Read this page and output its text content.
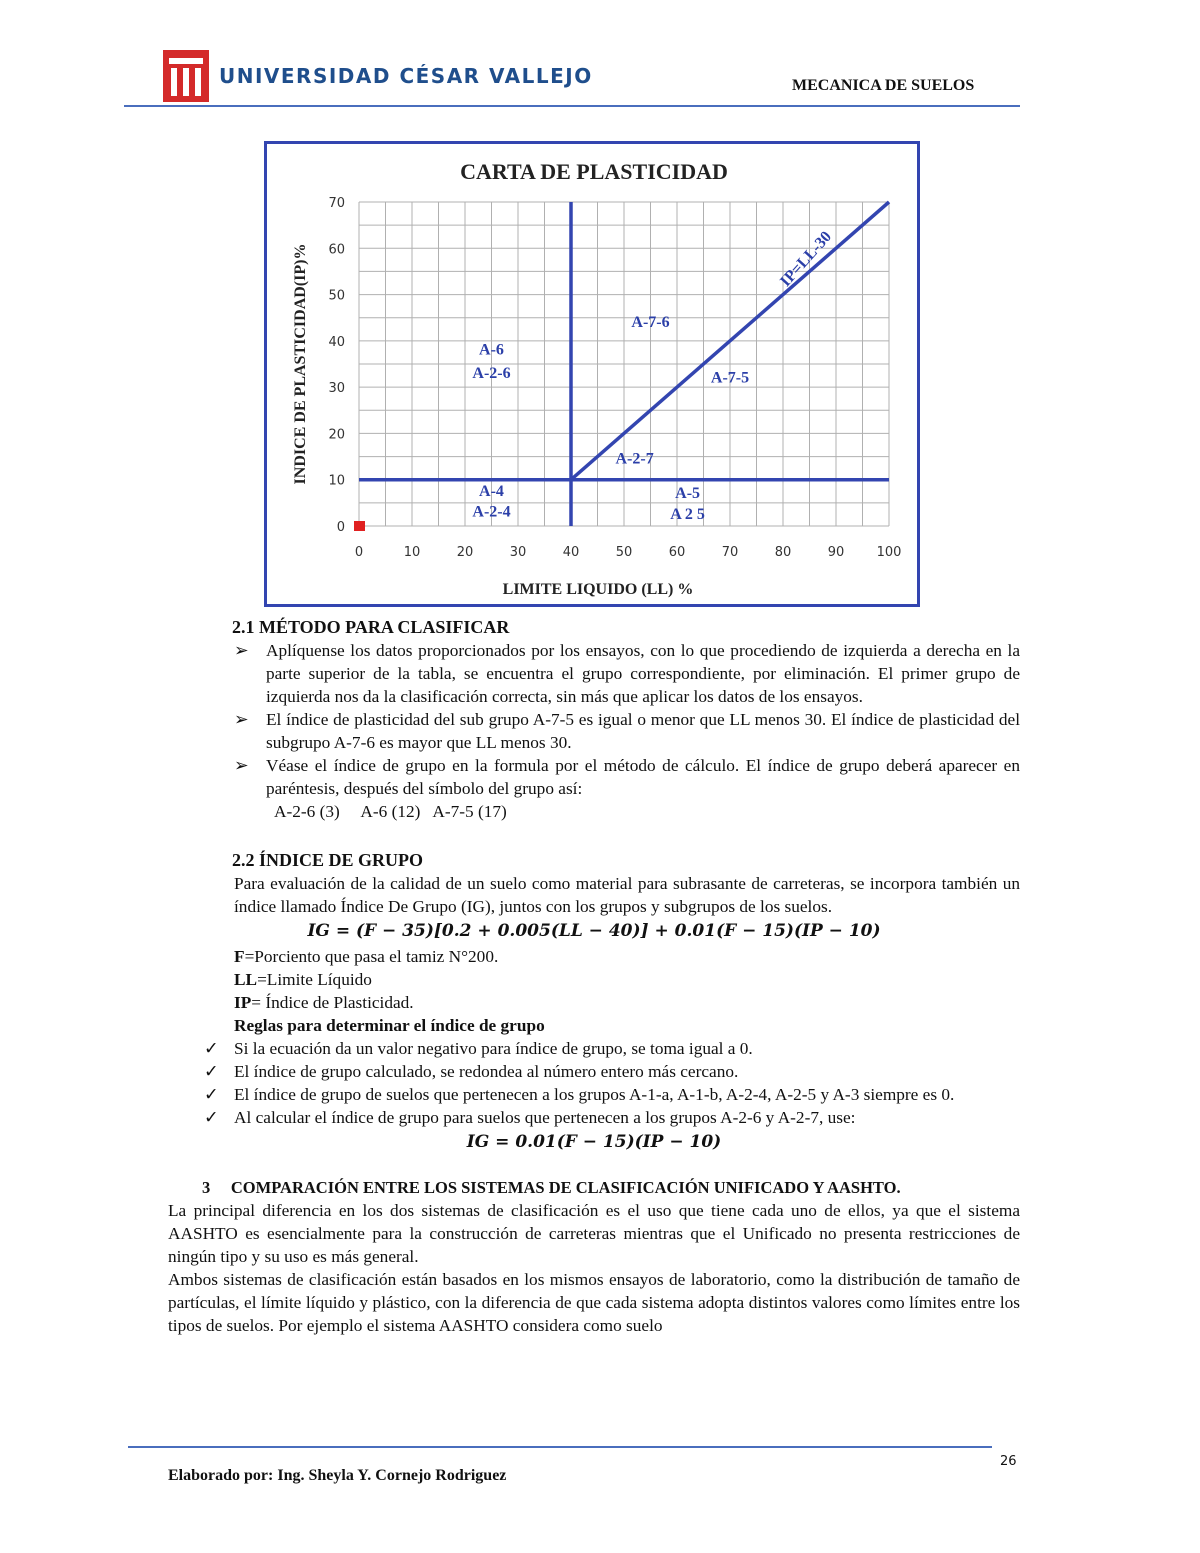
UNIVERSIDAD CÉSAR VALLEJO	MECANICA DE SUELOS
0	10	20	30	40	50	60	70	80	90 100
0
10
20
30
40
50
60
70
A-6
A-2-6
A-7-6
A-7-5
A-2-7
A-4
A-2-4
A-5
A 2 5
IP=LL-30
CARTA DE PLASTICIDAD
LIMITE LIQUIDO (LL) %
INDICE DE PLASTICIDAD(IP)%
2.1 MÉTODO PARA CLASIFICAR
➢	Aplíquense los datos proporcionados por los ensayos, con lo que procediendo de izquierda a derecha en la parte superior de la tabla, se encuentra el grupo correspondiente, por eliminación. El primer grupo de izquierda nos da la clasificación correcta, sin más que aplicar los datos de los ensayos.
➢	El índice de plasticidad del sub grupo A-7-5 es igual o menor que LL menos 30. El índice de plasticidad del subgrupo A-7-6 es mayor que LL menos 30.
➢	Véase el índice de grupo en la formula por el método de cálculo. El índice de grupo deberá aparecer en paréntesis, después del símbolo del grupo así:
A-2-6 (3)     A-6 (12)   A-7-5 (17)
2.2 ÍNDICE DE GRUPO
Para evaluación de la calidad de un suelo como material para subrasante de carreteras, se incorpora también un índice llamado Índice De Grupo (IG), juntos con los grupos y subgrupos de los suelos.
IG = (F − 35)[0.2 + 0.005(LL − 40)] + 0.01(F − 15)(IP − 10)
F=Porciento que pasa el tamiz N°200.
LL=Limite Líquido
IP= Índice de Plasticidad.
Reglas para determinar el índice de grupo
✓ Si la ecuación da un valor negativo para índice de grupo, se toma igual a 0.
✓ El índice de grupo calculado, se redondea al número entero más cercano.
✓ El índice de grupo de suelos que pertenecen a los grupos A-1-a, A-1-b, A-2-4, A-2-5 y A-3 siempre es 0.
✓ Al calcular el índice de grupo para suelos que pertenecen a los grupos A-2-6 y A-2-7, use:
IG = 0.01(F − 15)(IP − 10)
3 COMPARACIÓN ENTRE LOS SISTEMAS DE CLASIFICACIÓN UNIFICADO Y AASHTO.
La principal diferencia en los dos sistemas de clasificación es el uso que tiene cada uno de ellos, ya que el sistema AASHTO es esencialmente para la construcción de carreteras mientras que el Unificado no presenta restricciones de ningún tipo y su uso es más general.
Ambos sistemas de clasificación están basados en los mismos ensayos de laboratorio, como la distribución de tamaño de partículas, el límite líquido y plástico, con la diferencia de que cada sistema adopta distintos valores como límites entre los tipos de suelos. Por ejemplo el sistema AASHTO considera como suelo
26
Elaborado por: Ing. Sheyla Y. Cornejo Rodriguez
